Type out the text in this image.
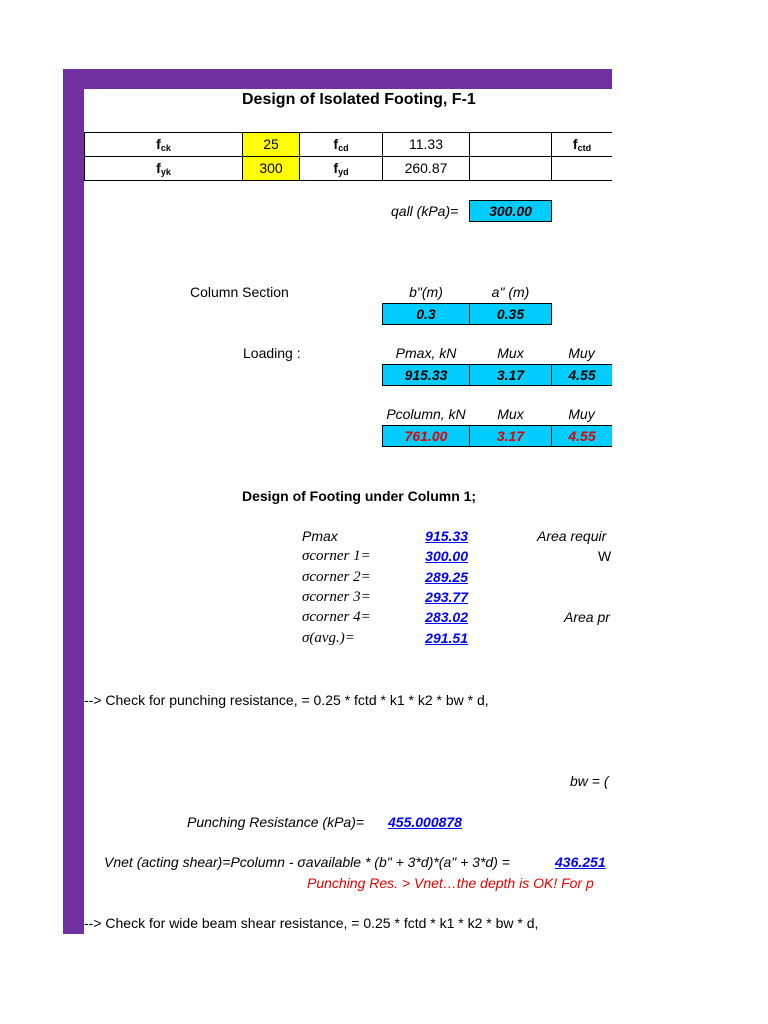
Design of Isolated Footing, F-1
$f_{ck}$	25	$f_{cd}$	11.33	$f_{ctd}$
$f_{yk}$	300	$f_{yd}$	260.87
qall (kPa)=	300.00
Column Section	b"(m)	a" (m)
0.3	0.35
Loading :	Pmax, kN	Mux	Muy
915.33	3.17	4.55
Pcolumn, kN	Mux	Muy
761.00	3.17	4.55
Design of Footing under Column 1;
Pmax	915.33	Area requir
σcorner 1=	300.00	W
σcorner 2=	289.25
σcorner 3=	293.77
σcorner 4=	283.02	Area pr
σ(avg.)=	291.51
--> Check for punching resistance, = 0.25 * fctd * k1 * k2 * bw * d,
bw = (
Punching Resistance (kPa)= 455.000878
Vnet (acting shear)=Pcolumn - σavailable * (b" + 3*d)*(a" + 3*d) =	436.251
Punching Res. > Vnet…the depth is OK! For p
--> Check for wide beam shear resistance, = 0.25 * fctd * k1 * k2 * bw * d,
